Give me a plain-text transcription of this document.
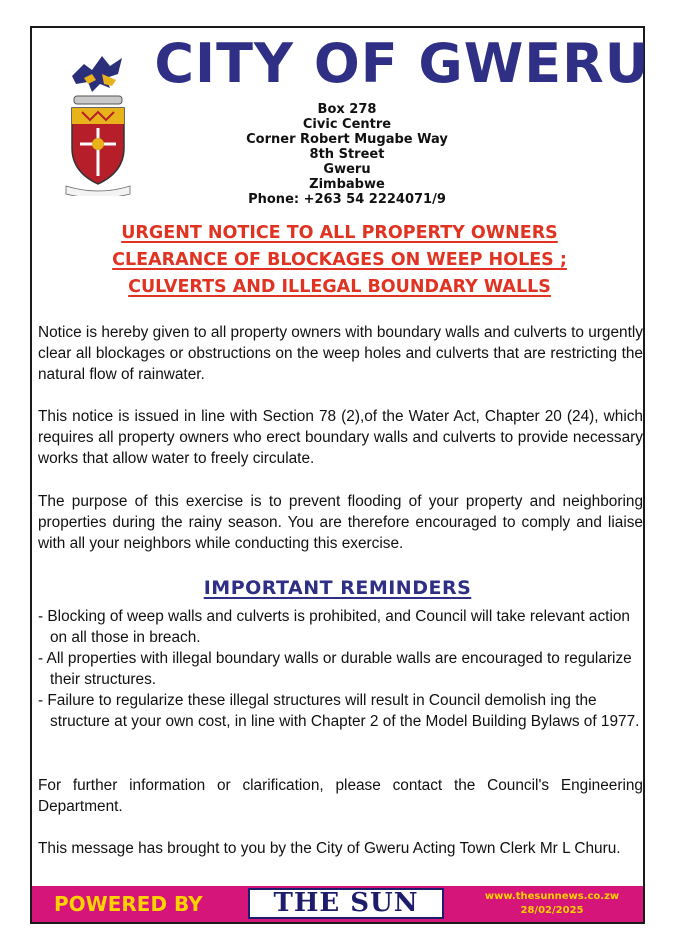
CITY OF GWERU
Box 278
Civic Centre
Corner Robert Mugabe Way
8th Street
Gweru
Zimbabwe
Phone: +263 54 2224071/9
URGENT NOTICE TO ALL PROPERTY OWNERS
CLEARANCE OF BLOCKAGES ON WEEP HOLES ;
CULVERTS AND ILLEGAL BOUNDARY WALLS
Notice is hereby given to all property owners with boundary walls and culverts to urgently clear all blockages or obstructions on the weep holes and culverts that are restricting the natural flow of rainwater.
This notice is issued in line with Section 78 (2),of the Water Act, Chapter 20 (24), which requires all property owners who erect boundary walls and culverts to provide necessary works that allow water to freely circulate.
The purpose of this exercise is to prevent flooding of your property and neighboring properties during the rainy season. You are therefore encouraged to comply and liaise with all your neighbors while conducting this exercise.
IMPORTANT REMINDERS
- Blocking of weep walls and culverts is prohibited, and Council will take relevant action on all those in breach.
- All properties with illegal boundary walls or durable walls are encouraged to regularize their structures.
- Failure to regularize these illegal structures will result in Council demolish ing the structure at your own cost, in line with Chapter 2 of the Model Building Bylaws of 1977.
For further information or clarification, please contact the Council's Engineering Department.
This message has brought to you by the City of Gweru Acting Town Clerk Mr L Churu.
POWERED BY	THE SUN	www.thesunnews.co.zw
28/02/2025
